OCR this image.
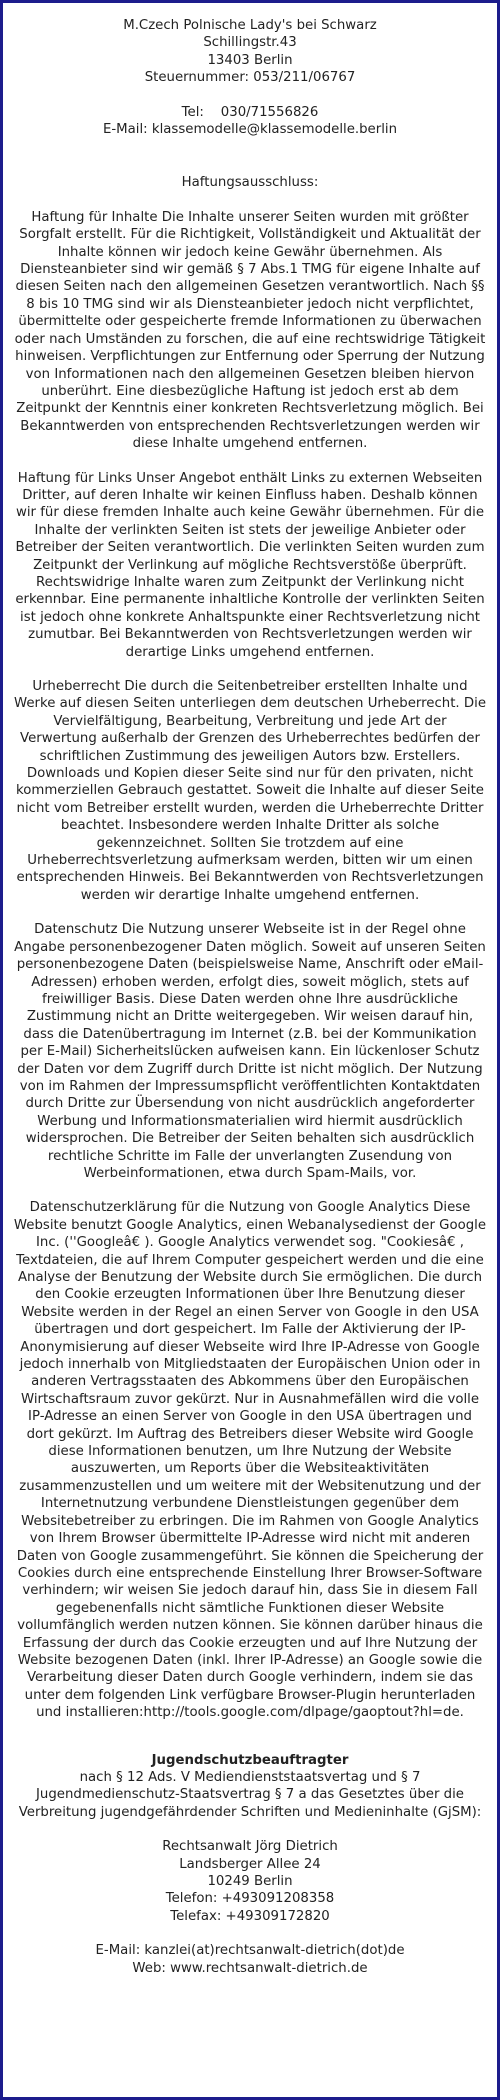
M.Czech Polnische Lady's bei Schwarz

Schillingstr.43

13403 Berlin

Steuernummer: 053/211/06767

Tel:    030/71556826

E-Mail: klassemodelle@klassemodelle.berlin

Haftungsausschluss:

Haftung für Inhalte Die Inhalte unserer Seiten wurden mit größter Sorgfalt erstellt. Für die Richtigkeit, Vollständigkeit und Aktualität der Inhalte können wir jedoch keine Gewähr übernehmen. Als Diensteanbieter sind wir gemäß § 7 Abs.1 TMG für eigene Inhalte auf diesen Seiten nach den allgemeinen Gesetzen verantwortlich. Nach §§ 8 bis 10 TMG sind wir als Diensteanbieter jedoch nicht verpflichtet, übermittelte oder gespeicherte fremde Informationen zu überwachen oder nach Umständen zu forschen, die auf eine rechtswidrige Tätigkeit hinweisen. Verpflichtungen zur Entfernung oder Sperrung der Nutzung von Informationen nach den allgemeinen Gesetzen bleiben hiervon unberührt. Eine diesbezügliche Haftung ist jedoch erst ab dem Zeitpunkt der Kenntnis einer konkreten Rechtsverletzung möglich. Bei Bekanntwerden von entsprechenden Rechtsverletzungen werden wir diese Inhalte umgehend entfernen.

Haftung für Links Unser Angebot enthält Links zu externen Webseiten Dritter, auf deren Inhalte wir keinen Einfluss haben. Deshalb können wir für diese fremden Inhalte auch keine Gewähr übernehmen. Für die Inhalte der verlinkten Seiten ist stets der jeweilige Anbieter oder Betreiber der Seiten verantwortlich. Die verlinkten Seiten wurden zum Zeitpunkt der Verlinkung auf mögliche Rechtsverstöße überprüft. Rechtswidrige Inhalte waren zum Zeitpunkt der Verlinkung nicht erkennbar. Eine permanente inhaltliche Kontrolle der verlinkten Seiten ist jedoch ohne konkrete Anhaltspunkte einer Rechtsverletzung nicht zumutbar. Bei Bekanntwerden von Rechtsverletzungen werden wir derartige Links umgehend entfernen.

Urheberrecht Die durch die Seitenbetreiber erstellten Inhalte und Werke auf diesen Seiten unterliegen dem deutschen Urheberrecht. Die Vervielfältigung, Bearbeitung, Verbreitung und jede Art der Verwertung außerhalb der Grenzen des Urheberrechtes bedürfen der schriftlichen Zustimmung des jeweiligen Autors bzw. Erstellers. Downloads und Kopien dieser Seite sind nur für den privaten, nicht kommerziellen Gebrauch gestattet. Soweit die Inhalte auf dieser Seite nicht vom Betreiber erstellt wurden, werden die Urheberrechte Dritter beachtet. Insbesondere werden Inhalte Dritter als solche gekennzeichnet. Sollten Sie trotzdem auf eine Urheberrechtsverletzung aufmerksam werden, bitten wir um einen entsprechenden Hinweis. Bei Bekanntwerden von Rechtsverletzungen werden wir derartige Inhalte umgehend entfernen.

Datenschutz Die Nutzung unserer Webseite ist in der Regel ohne Angabe personenbezogener Daten möglich. Soweit auf unseren Seiten personenbezogene Daten (beispielsweise Name, Anschrift oder eMail-Adressen) erhoben werden, erfolgt dies, soweit möglich, stets auf freiwilliger Basis. Diese Daten werden ohne Ihre ausdrückliche Zustimmung nicht an Dritte weitergegeben. Wir weisen darauf hin, dass die Datenübertragung im Internet (z.B. bei der Kommunikation per E-Mail) Sicherheitslücken aufweisen kann. Ein lückenloser Schutz der Daten vor dem Zugriff durch Dritte ist nicht möglich. Der Nutzung von im Rahmen der Impressumspflicht veröffentlichten Kontaktdaten durch Dritte zur Übersendung von nicht ausdrücklich angeforderter Werbung und Informationsmaterialien wird hiermit ausdrücklich widersprochen. Die Betreiber der Seiten behalten sich ausdrücklich rechtliche Schritte im Falle der unverlangten Zusendung von Werbeinformationen, etwa durch Spam-Mails, vor.

Datenschutzerklärung für die Nutzung von Google Analytics Diese Website benutzt Google Analytics, einen Webanalysedienst der Google Inc. (''Googleâ€ ). Google Analytics verwendet sog. "Cookiesâ€ , Textdateien, die auf Ihrem Computer gespeichert werden und die eine Analyse der Benutzung der Website durch Sie ermöglichen. Die durch den Cookie erzeugten Informationen über Ihre Benutzung dieser Website werden in der Regel an einen Server von Google in den USA übertragen und dort gespeichert. Im Falle der Aktivierung der IP-Anonymisierung auf dieser Webseite wird Ihre IP-Adresse von Google jedoch innerhalb von Mitgliedstaaten der Europäischen Union oder in anderen Vertragsstaaten des Abkommens über den Europäischen Wirtschaftsraum zuvor gekürzt. Nur in Ausnahmefällen wird die volle IP-Adresse an einen Server von Google in den USA übertragen und dort gekürzt. Im Auftrag des Betreibers dieser Website wird Google diese Informationen benutzen, um Ihre Nutzung der Website auszuwerten, um Reports über die Websiteaktivitäten zusammenzustellen und um weitere mit der Websitenutzung und der Internetnutzung verbundene Dienstleistungen gegenüber dem Websitebetreiber zu erbringen. Die im Rahmen von Google Analytics von Ihrem Browser übermittelte IP-Adresse wird nicht mit anderen Daten von Google zusammengeführt. Sie können die Speicherung der Cookies durch eine entsprechende Einstellung Ihrer Browser-Software verhindern; wir weisen Sie jedoch darauf hin, dass Sie in diesem Fall gegebenenfalls nicht sämtliche Funktionen dieser Website vollumfänglich werden nutzen können. Sie können darüber hinaus die Erfassung der durch das Cookie erzeugten und auf Ihre Nutzung der Website bezogenen Daten (inkl. Ihrer IP-Adresse) an Google sowie die Verarbeitung dieser Daten durch Google verhindern, indem sie das unter dem folgenden Link verfügbare Browser-Plugin herunterladen und installieren:http://tools.google.com/dlpage/gaoptout?hl=de.

Jugendschutzbeauftragter

nach § 12 Ads. V Mediendienststaatsvertag und § 7 Jugendmedienschutz-Staatsvertrag § 7 a das Gesetztes über die Verbreitung jugendgefährdender Schriften und Medieninhalte (GjSM):

Rechtsanwalt Jörg Dietrich

Landsberger Allee 24

10249 Berlin

Telefon: +493091208358

Telefax: +49309172820

E-Mail: kanzlei(at)rechtsanwalt-dietrich(dot)de

Web: www.rechtsanwalt-dietrich.de
